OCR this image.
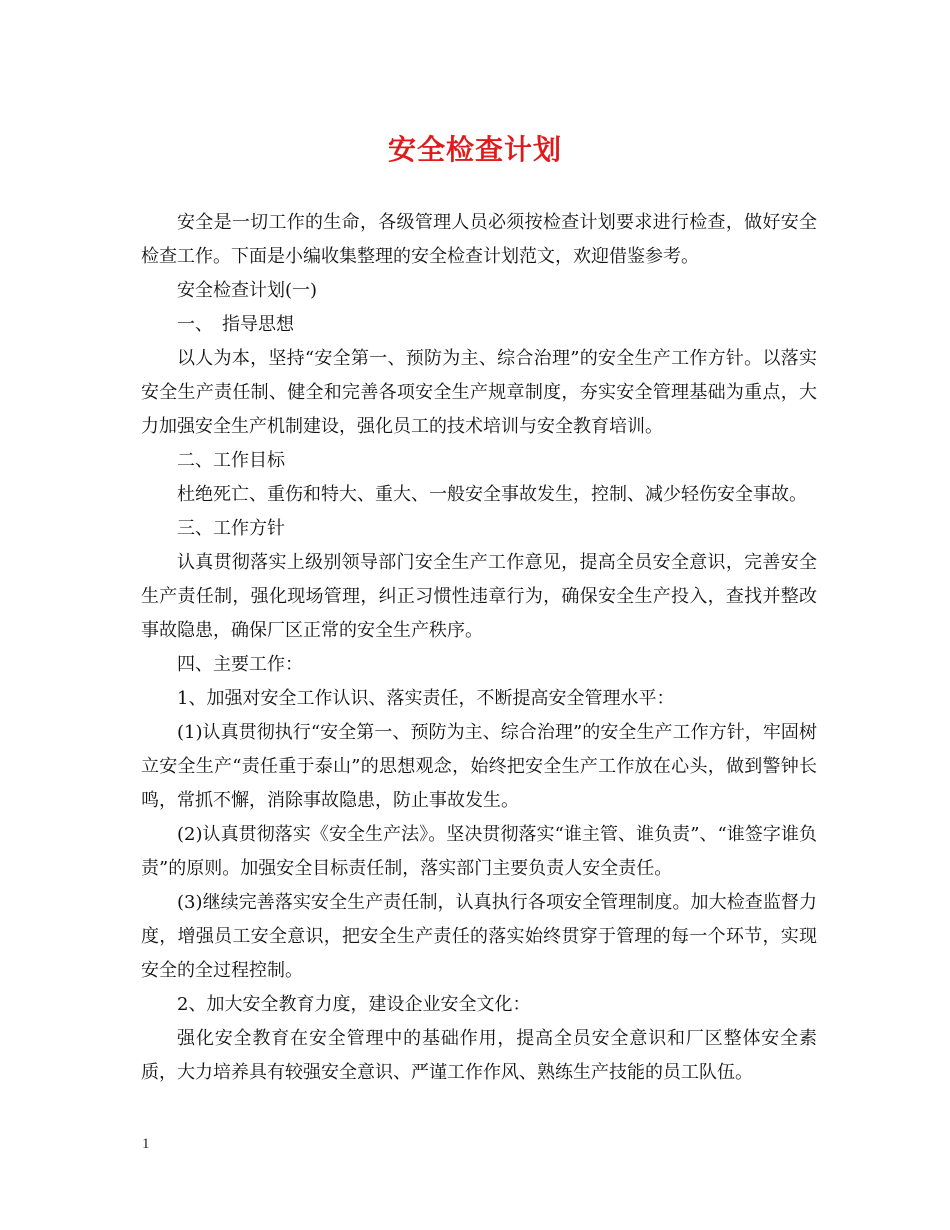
安全检查计划

安全是一切工作的生命，各级管理人员必须按检查计划要求进行检查，做好安全检查工作。下面是小编收集整理的安全检查计划范文，欢迎借鉴参考。

安全检查计划(一)

一、　指导思想

以人为本，坚持“安全第一、预防为主、综合治理”的安全生产工作方针。以落实安全生产责任制、健全和完善各项安全生产规章制度，夯实安全管理基础为重点，大力加强安全生产机制建设，强化员工的技术培训与安全教育培训。

二、工作目标

杜绝死亡、重伤和特大、重大、一般安全事故发生，控制、减少轻伤安全事故。

三、工作方针

认真贯彻落实上级别领导部门安全生产工作意见，提高全员安全意识，完善安全生产责任制，强化现场管理，纠正习惯性违章行为，确保安全生产投入，查找并整改事故隐患，确保厂区正常的安全生产秩序。

四、主要工作：

1、加强对安全工作认识、落实责任，不断提高安全管理水平：

(1)认真贯彻执行“安全第一、预防为主、综合治理”的安全生产工作方针，牢固树立安全生产“责任重于泰山”的思想观念，始终把安全生产工作放在心头，做到警钟长鸣，常抓不懈，消除事故隐患，防止事故发生。

(2)认真贯彻落实《安全生产法》。坚决贯彻落实“谁主管、谁负责”、“谁签字谁负责”的原则。加强安全目标责任制，落实部门主要负责人安全责任。

(3)继续完善落实安全生产责任制，认真执行各项安全管理制度。加大检查监督力度，增强员工安全意识，把安全生产责任的落实始终贯穿于管理的每一个环节，实现安全的全过程控制。

2、加大安全教育力度，建设企业安全文化：

强化安全教育在安全管理中的基础作用，提高全员安全意识和厂区整体安全素质，大力培养具有较强安全意识、严谨工作作风、熟练生产技能的员工队伍。

1
